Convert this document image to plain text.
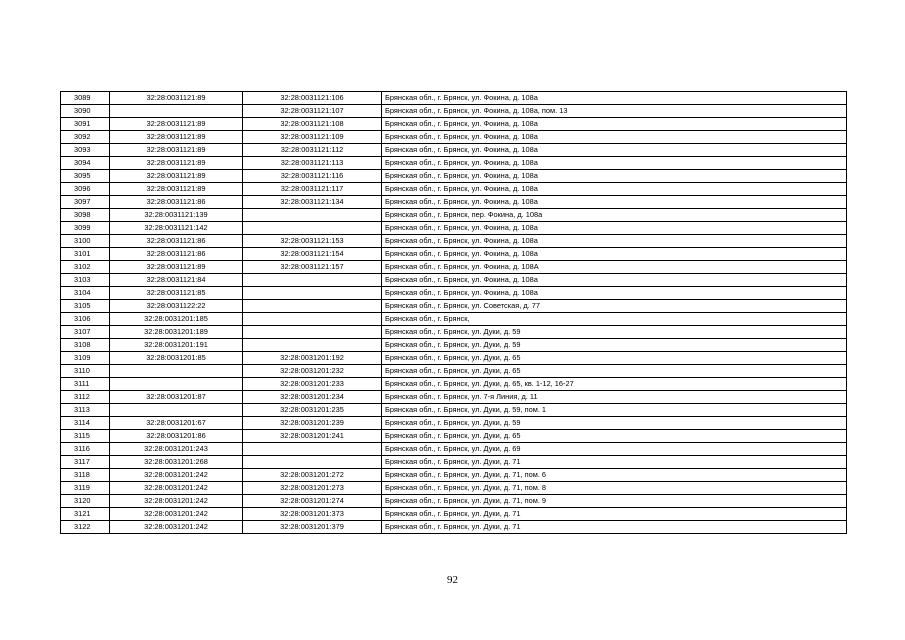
3089	32:28:0031121:89	32:28:0031121:106	Брянская обл., г. Брянск, ул. Фокина, д. 108а
3090		32:28:0031121:107	Брянская обл., г. Брянск, ул. Фокина, д. 108а, пом. 13
3091	32:28:0031121:89	32:28:0031121:108	Брянская обл., г. Брянск, ул. Фокина, д. 108а
3092	32:28:0031121:89	32:28:0031121:109	Брянская обл., г. Брянск, ул. Фокина, д. 108а
3093	32:28:0031121:89	32:28:0031121:112	Брянская обл., г. Брянск, ул. Фокина, д. 108а
3094	32:28:0031121:89	32:28:0031121:113	Брянская обл., г. Брянск, ул. Фокина, д. 108а
3095	32:28:0031121:89	32:28:0031121:116	Брянская обл., г. Брянск, ул. Фокина, д. 108а
3096	32:28:0031121:89	32:28:0031121:117	Брянская обл., г. Брянск, ул. Фокина, д. 108а
3097	32:28:0031121:86	32:28:0031121:134	Брянская обл., г. Брянск, ул. Фокина, д. 108а
3098	32:28:0031121:139		Брянская обл., г. Брянск, пер. Фокина, д. 108а
3099	32:28:0031121:142		Брянская обл., г. Брянск, ул. Фокина, д. 108а
3100	32:28:0031121:86	32:28:0031121:153	Брянская обл., г. Брянск, ул. Фокина, д. 108а
3101	32:28:0031121:86	32:28:0031121:154	Брянская обл., г. Брянск, ул. Фокина, д. 108а
3102	32:28:0031121:89	32:28:0031121:157	Брянская обл., г. Брянск, ул. Фокина, д. 108А
3103	32:28:0031121:84		Брянская обл., г. Брянск, ул. Фокина, д. 108а
3104	32:28:0031121:85		Брянская обл., г. Брянск, ул. Фокина, д. 108а
3105	32:28:0031122:22		Брянская обл., г. Брянск, ул. Советская, д. 77
3106	32:28:0031201:185		Брянская обл., г. Брянск,
3107	32:28:0031201:189		Брянская обл., г. Брянск, ул. Дуки, д. 59
3108	32:28:0031201:191		Брянская обл., г. Брянск, ул. Дуки, д. 59
3109	32:28:0031201:85	32:28:0031201:192	Брянская обл., г. Брянск, ул. Дуки, д. 65
3110		32:28:0031201:232	Брянская обл., г. Брянск, ул. Дуки, д. 65
3111		32:28:0031201:233	Брянская обл., г. Брянск, ул. Дуки, д. 65, кв. 1-12, 16-27
3112	32:28:0031201:87	32:28:0031201:234	Брянская обл., г. Брянск, ул. 7-я Линия, д. 11
3113		32:28:0031201:235	Брянская обл., г. Брянск, ул. Дуки, д. 59, пом. 1
3114	32:28:0031201:67	32:28:0031201:239	Брянская обл., г. Брянск, ул. Дуки, д. 59
3115	32:28:0031201:86	32:28:0031201:241	Брянская обл., г. Брянск, ул. Дуки, д. 65
3116	32:28:0031201:243		Брянская обл., г. Брянск, ул. Дуки, д. 69
3117	32:28:0031201:268		Брянская обл., г. Брянск, ул. Дуки, д. 71
3118	32:28:0031201:242	32:28:0031201:272	Брянская обл., г. Брянск, ул. Дуки, д. 71, пом. 6
3119	32:28:0031201:242	32:28:0031201:273	Брянская обл., г. Брянск, ул. Дуки, д. 71, пом. 8
3120	32:28:0031201:242	32:28:0031201:274	Брянская обл., г. Брянск, ул. Дуки, д. 71, пом. 9
3121	32:28:0031201:242	32:28:0031201:373	Брянская обл., г. Брянск, ул. Дуки, д. 71
3122	32:28:0031201:242	32:28:0031201:379	Брянская обл., г. Брянск, ул. Дуки, д. 71
92
